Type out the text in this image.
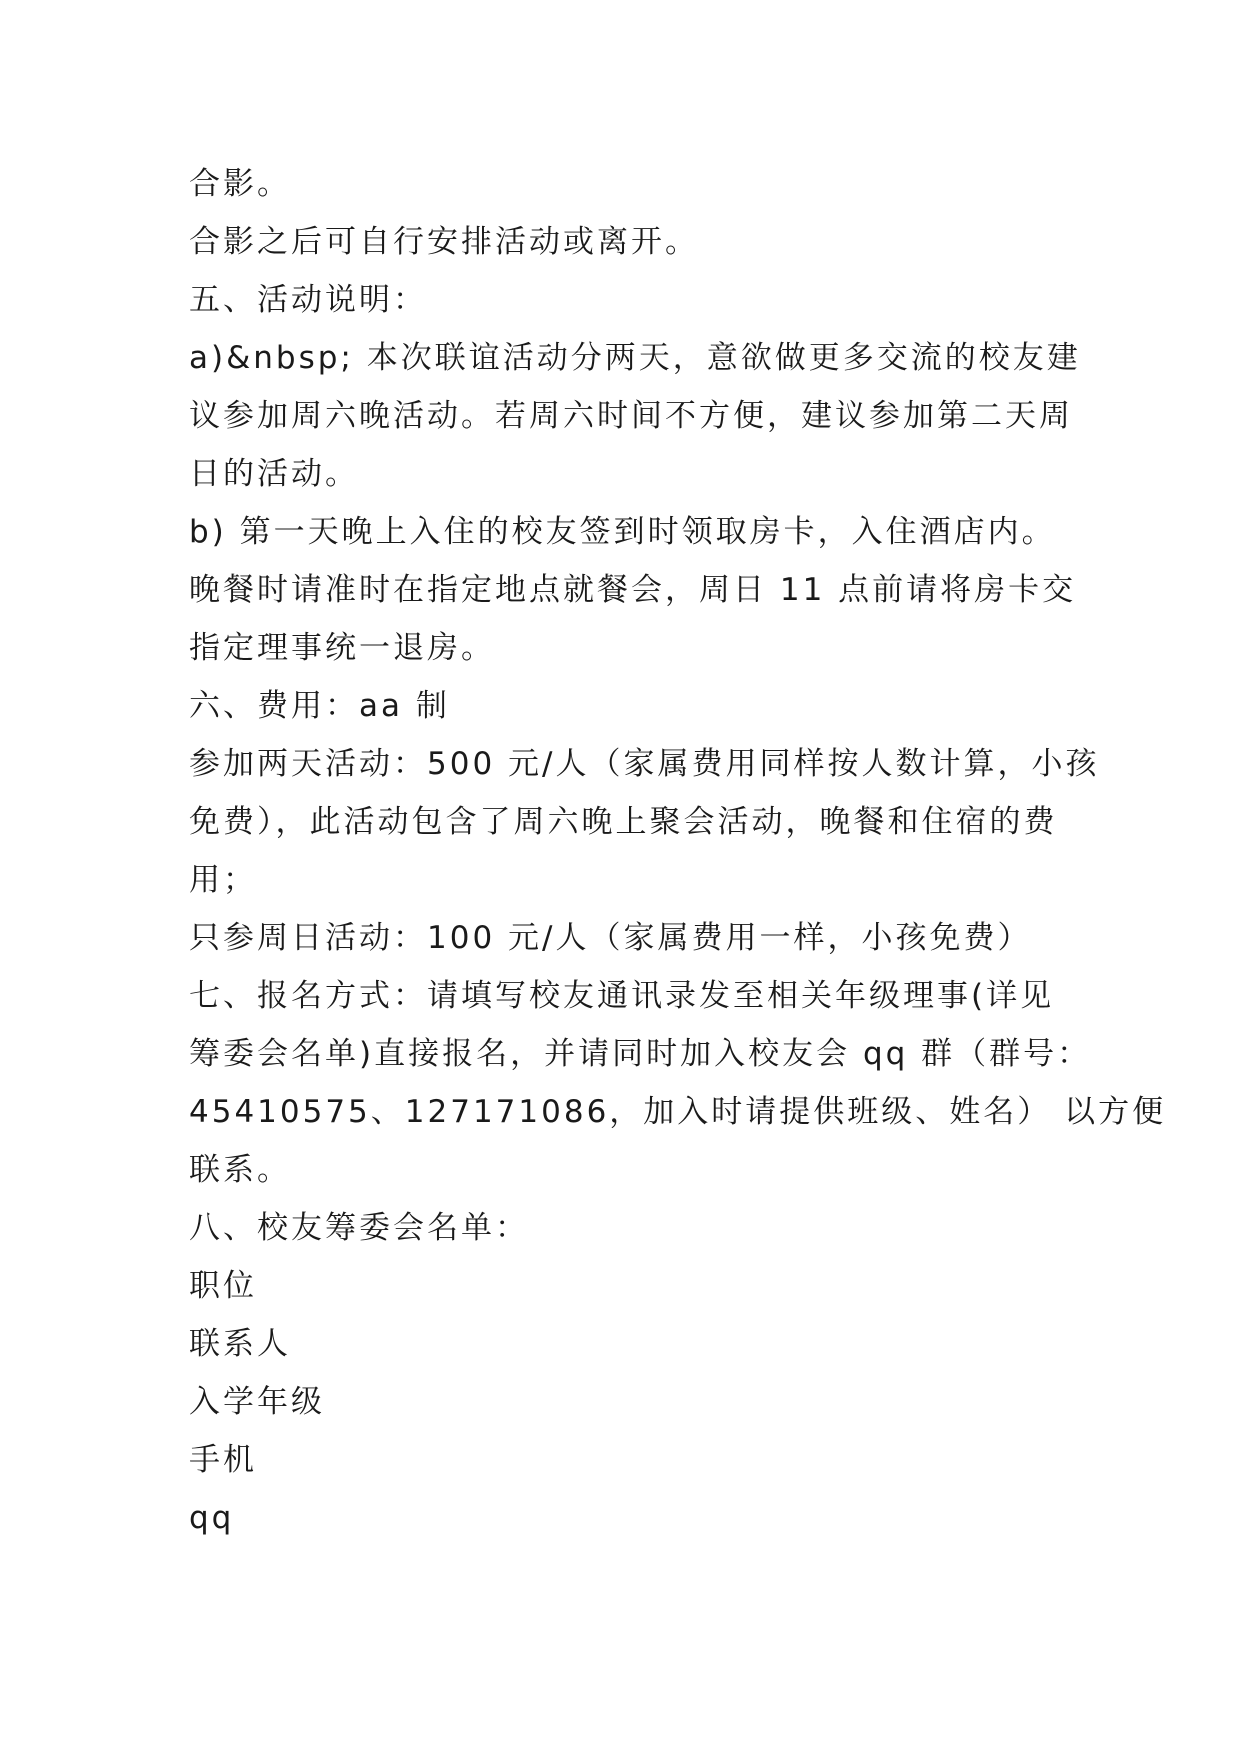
合影。
合影之后可自行安排活动或离开。
五、活动说明：
a)&nbsp; 本次联谊活动分两天，意欲做更多交流的校友建
议参加周六晚活动。若周六时间不方便，建议参加第二天周
日的活动。
b) 第一天晚上入住的校友签到时领取房卡，入住酒店内。
晚餐时请准时在指定地点就餐会，周日 11 点前请将房卡交
指定理事统一退房。
六、费用：aa 制
参加两天活动：500 元/人（家属费用同样按人数计算，小孩
免费），此活动包含了周六晚上聚会活动，晚餐和住宿的费
用；
只参周日活动：100 元/人（家属费用一样，小孩免费）
七、报名方式：请填写校友通讯录发至相关年级理事(详见
筹委会名单)直接报名，并请同时加入校友会 qq 群（群号：
45410575、127171086，加入时请提供班级、姓名） 以方便
联系。
八、校友筹委会名单：
职位
联系人
入学年级
手机
qq
